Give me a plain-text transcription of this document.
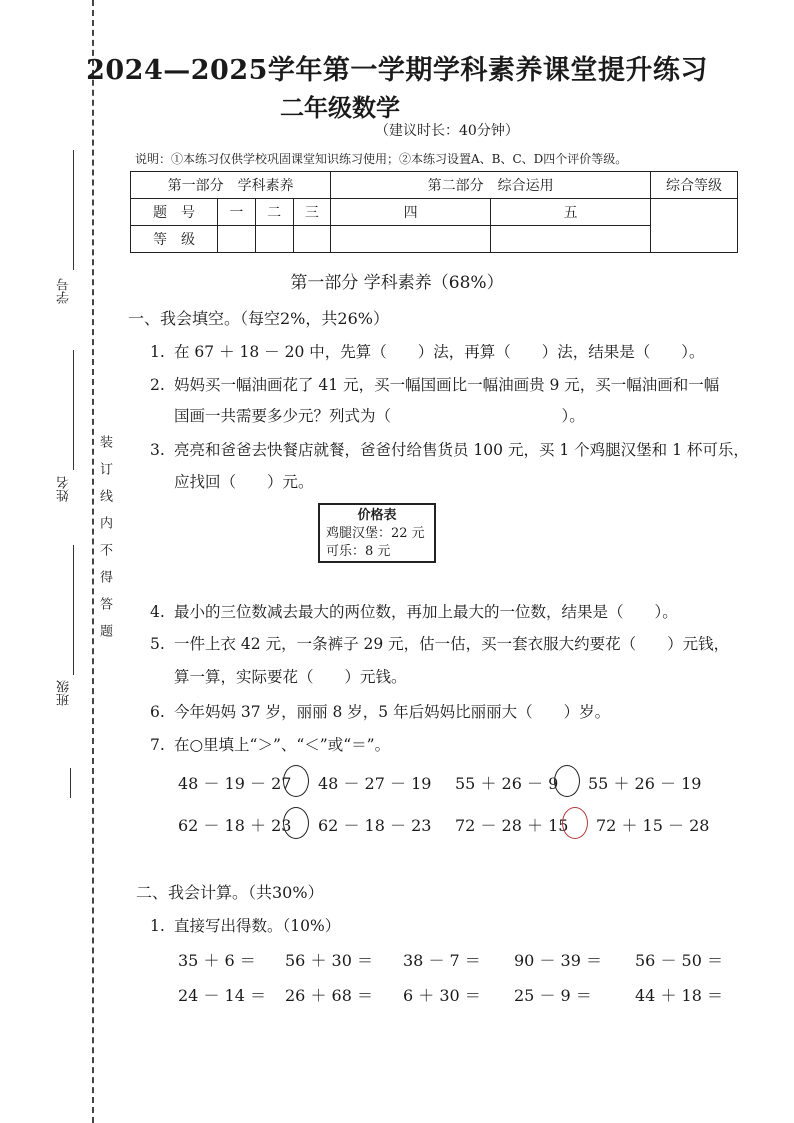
学号
姓名
班级
装订线内不得答题
2024—2025学年第一学期学科素养课堂提升练习
二年级数学
（建议时长：40分钟）
说明：①本练习仅供学校巩固课堂知识练习使用；②本练习设置A、B、C、D四个评价等级。
第一部分　学科素养				第二部分　综合运用		综合等级
题　号	一	二	三	四	五	
等　级						
第一部分 学科素养（68%）
一、我会填空。（每空2%，共26%）
1. 在 67 ＋ 18 － 20 中，先算（　　）法，再算（　　）法，结果是（　　）。
2. 妈妈买一幅油画花了 41 元，买一幅国画比一幅油画贵 9 元，买一幅油画和一幅
国画一共需要多少元？列式为（　　　　　　　　　　　）。
3. 亮亮和爸爸去快餐店就餐，爸爸付给售货员 100 元，买 1 个鸡腿汉堡和 1 杯可乐，
应找回（　　）元。
价格表
鸡腿汉堡：22 元
可乐：8 元
4. 最小的三位数减去最大的两位数，再加上最大的一位数，结果是（　　）。
5. 一件上衣 42 元，一条裤子 29 元，估一估，买一套衣服大约要花（　　）元钱，
算一算，实际要花（　　）元钱。
6. 今年妈妈 37 岁，丽丽 8 岁，5 年后妈妈比丽丽大（　　）岁。
7. 在○里填上“＞”、“＜”或“＝”。
48 － 19 － 27 48 － 27 － 19 55 ＋ 26 － 9 55 ＋ 26 － 19
62 － 18 ＋ 23 62 － 18 － 23 72 － 28 ＋ 15 72 ＋ 15 － 28
二、我会计算。（共30%）
1. 直接写出得数。（10%）
35 ＋ 6 ＝ 56 ＋ 30 ＝ 38 － 7 ＝ 90 － 39 ＝ 56 － 50 ＝
24 － 14 ＝ 26 ＋ 68 ＝ 6 ＋ 30 ＝ 25 － 9 ＝	44 ＋ 18 ＝
